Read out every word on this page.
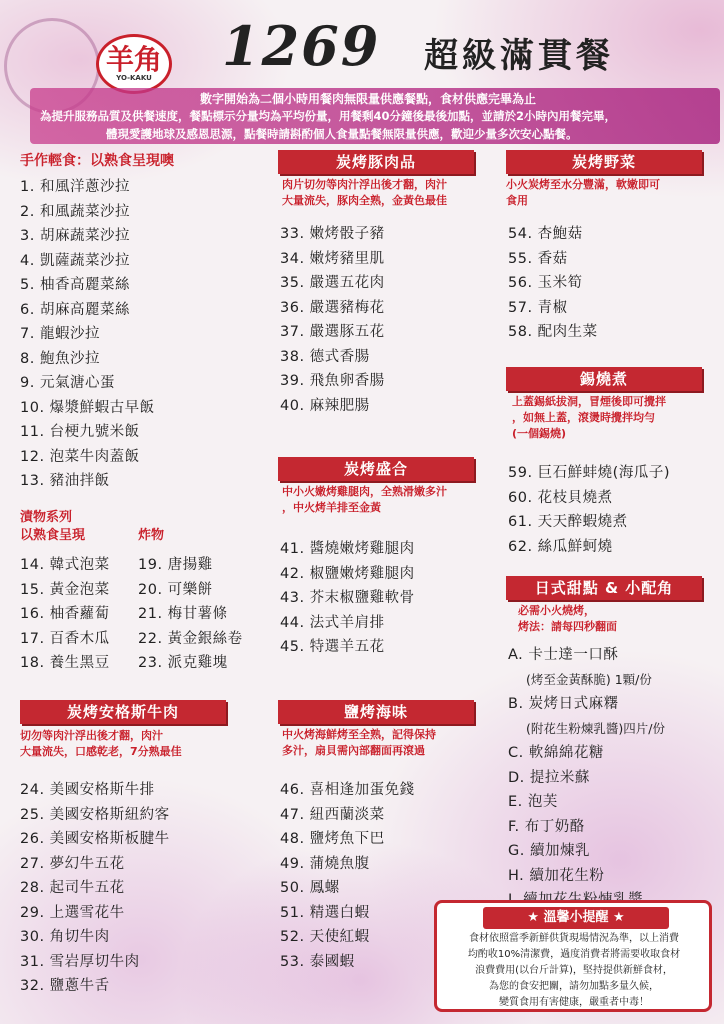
羊角
YO-KAKU 1269 超級滿貫餐
數字開始為二個小時用餐肉無限量供應餐點，食材供應完畢為止
為提升服務品質及供餐速度，餐點標示分量均為平均份量，用餐剩40分鐘後最後加點，並請於2小時內用餐完畢，
體現愛護地球及感恩思源，點餐時請斟酌個人食量點餐無限量供應，歡迎少量多次安心點餐。
手作輕食：以熟食呈現噢
1. 和風洋蔥沙拉
2. 和風蔬菜沙拉
3. 胡麻蔬菜沙拉
4. 凱薩蔬菜沙拉
5. 柚香高麗菜絲
6. 胡麻高麗菜絲
7. 龍蝦沙拉
8. 鮑魚沙拉
9. 元氣溏心蛋
10. 爆漿鮮蝦古早飯
11. 台梗九號米飯
12. 泡菜牛肉蓋飯
13. 豬油拌飯
漬物系列
以熟食呈現	炸物
14. 韓式泡菜
15. 黃金泡菜
16. 柚香蘿蔔
17. 百香木瓜
18. 養生黑豆
19. 唐揚雞
20. 可樂餅
21. 梅甘薯條
22. 黃金銀絲卷
23. 派克雞塊
炭烤安格斯牛肉
切勿等肉汁浮出後才翻，肉汁
大量流失，口感乾老，7分熟最佳
24. 美國安格斯牛排
25. 美國安格斯紐約客
26. 美國安格斯板腱牛
27. 夢幻牛五花
28. 起司牛五花
29. 上選雪花牛
30. 角切牛肉
31. 雪岩厚切牛肉
32. 鹽蔥牛舌
炭烤豚肉品
肉片切勿等肉汁浮出後才翻，肉汁
大量流失，豚肉全熟，金黃色最佳
33. 嫩烤骰子豬
34. 嫩烤豬里肌
35. 嚴選五花肉
36. 嚴選豬梅花
37. 嚴選豚五花
38. 德式香腸
39. 飛魚卵香腸
40. 麻辣肥腸
炭烤盛合
中小火嫩烤雞腿肉，全熟滑嫩多汁
，中火烤羊排至金黃
41. 醬燒嫩烤雞腿肉
42. 椒鹽嫩烤雞腿肉
43. 芥末椒鹽雞軟骨
44. 法式羊肩排
45. 特選羊五花
鹽烤海味
中火烤海鮮烤至全熟，記得保持
多汁，扇貝需內部翻面再滾過
46. 喜相逢加蛋免錢
47. 紐西蘭淡菜
48. 鹽烤魚下巴
49. 蒲燒魚腹
50. 鳳螺
51. 精選白蝦
52. 天使紅蝦
53. 泰國蝦
炭烤野菜
小火炭烤至水分豐滿，軟嫩即可
食用
54. 杏鮑菇
55. 香菇
56. 玉米筍
57. 青椒
58. 配肉生菜
錫燒煮
上蓋錫紙拔洞，冒煙後即可攪拌
，如無上蓋，滾燙時攪拌均勻
(一個錫燒)
59. 巨石鮮蚌燒(海瓜子)
60. 花枝貝燒煮
61. 天天醉蝦燒煮
62. 絲瓜鮮蚵燒
日式甜點 & 小配角
必需小火燒烤，
烤法：請每四秒翻面
A. 卡士達一口酥
(烤至金黃酥脆) 1顆/份
B. 炭烤日式麻糬
(附花生粉煉乳醬)四片/份
C. 軟綿綿花糖
D. 提拉米蘇
E. 泡芙
F. 布丁奶酪
G. 續加煉乳
H. 續加花生粉
★ 溫馨小提醒 ★
食材依照當季新鮮供貨現場情況為準，以上消費
均酌收10%清潔費，過度消費者將需要收取食材
浪費費用(以台斤計算)，堅持提供新鮮食材，
為您的食安把關，請勿加點多量久候，
變質食用有害健康，嚴重者中毒！
